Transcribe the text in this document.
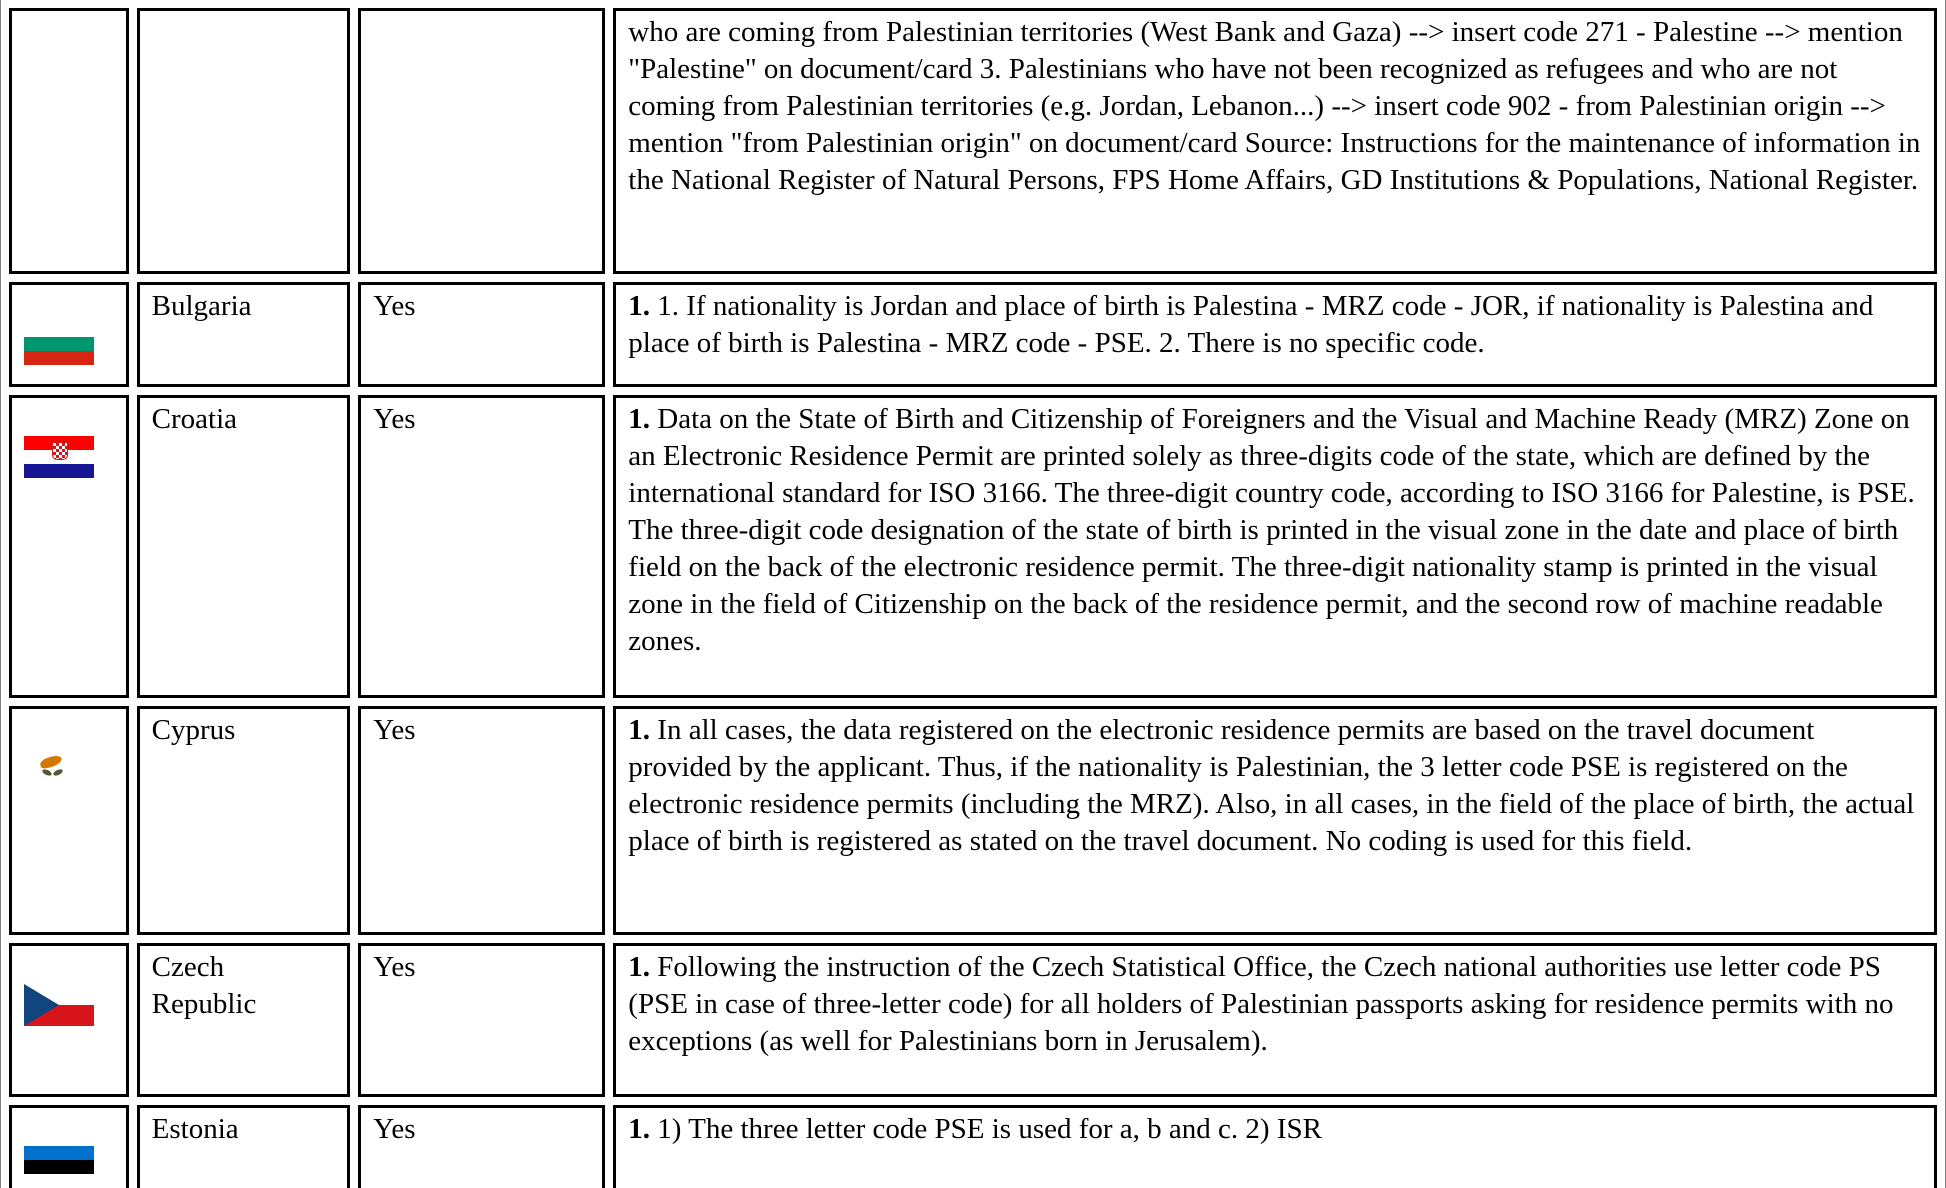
			who are coming from Palestinian territories (West Bank and Gaza) --> insert code 271 - Palestine --> mention "Palestine" on document/card 3. Palestinians who have not been recognized as refugees and who are not coming from Palestinian territories (e.g. Jordan, Lebanon...) --> insert code 902 - from Palestinian origin --> mention "from Palestinian origin" on document/card Source: Instructions for the maintenance of information in the National Register of Natural Persons, FPS Home Affairs, GD Institutions & Populations, National Register.

	Bulgaria	Yes	1. 1. If nationality is Jordan and place of birth is Palestina - MRZ code - JOR, if nationality is Palestina and place of birth is Palestina - MRZ code - PSE. 2. There is no specific code.

	Croatia	Yes	1. Data on the State of Birth and Citizenship of Foreigners and the Visual and Machine Ready (MRZ) Zone on an Electronic Residence Permit are printed solely as three-digits code of the state, which are defined by the international standard for ISO 3166. The three-digit country code, according to ISO 3166 for Palestine, is PSE. The three-digit code designation of the state of birth is printed in the visual zone in the date and place of birth field on the back of the electronic residence permit. The three-digit nationality stamp is printed in the visual zone in the field of Citizenship on the back of the residence permit, and the second row of machine readable zones.

	Cyprus	Yes	1. In all cases, the data registered on the electronic residence permits are based on the travel document provided by the applicant. Thus, if the nationality is Palestinian, the 3 letter code PSE is registered on the electronic residence permits (including the MRZ). Also, in all cases, in the field of the place of birth, the actual place of birth is registered as stated on the travel document. No coding is used for this field.

	Czech Republic	Yes	1. Following the instruction of the Czech Statistical Office, the Czech national authorities use letter code PS (PSE in case of three-letter code) for all holders of Palestinian passports asking for residence permits with no exceptions (as well for Palestinians born in Jerusalem).

	Estonia	Yes	1. 1) The three letter code PSE is used for a, b and c. 2) ISR
